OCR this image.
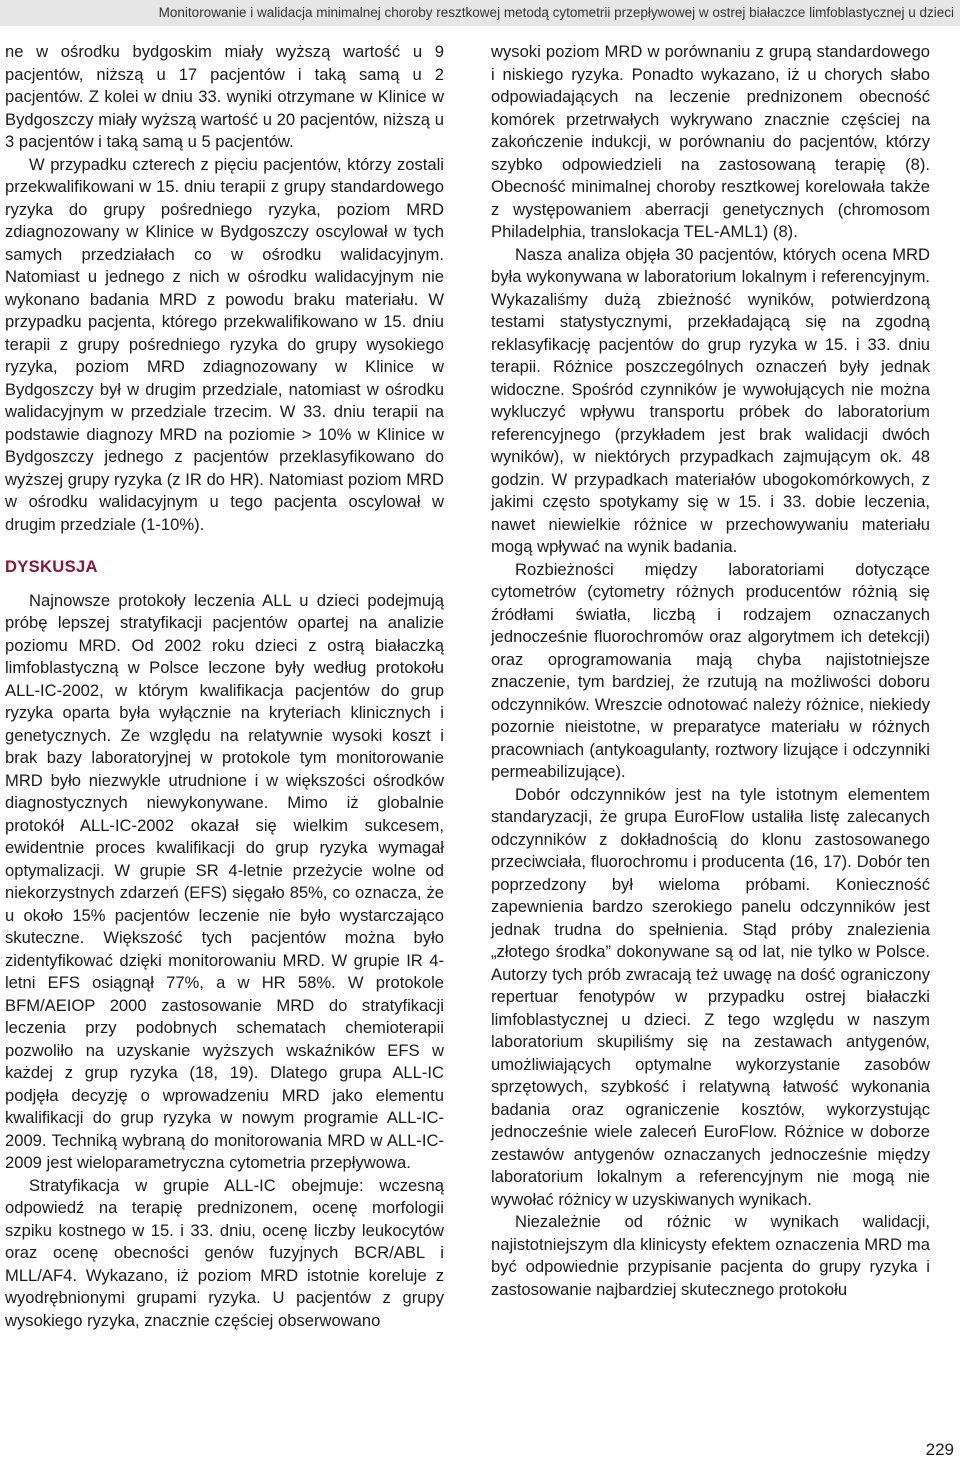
Monitorowanie i walidacja minimalnej choroby resztkowej metodą cytometrii przepływowej w ostrej białaczce limfoblastycznej u dzieci

ne w ośrodku bydgoskim miały wyższą wartość u 9 pacjentów, niższą u 17 pacjentów i taką samą u 2 pacjentów. Z kolei w dniu 33. wyniki otrzymane w Klinice w Bydgoszczy miały wyższą wartość u 20 pacjentów, niższą u 3 pacjentów i taką samą u 5 pacjentów.

W przypadku czterech z pięciu pacjentów, którzy zostali przekwalifikowani w 15. dniu terapii z grupy standardowego ryzyka do grupy pośredniego ryzyka, poziom MRD zdiagnozowany w Klinice w Bydgoszczy oscylował w tych samych przedziałach co w ośrodku walidacyjnym. Natomiast u jednego z nich w ośrodku walidacyjnym nie wykonano badania MRD z powodu braku materiału. W przypadku pacjenta, którego przekwalifikowano w 15. dniu terapii z grupy pośredniego ryzyka do grupy wysokiego ryzyka, poziom MRD zdiagnozowany w Klinice w Bydgoszczy był w drugim przedziale, natomiast w ośrodku walidacyjnym w przedziale trzecim. W 33. dniu terapii na podstawie diagnozy MRD na poziomie > 10% w Klinice w Bydgoszczy jednego z pacjentów przeklasyfikowano do wyższej grupy ryzyka (z IR do HR). Natomiast poziom MRD w ośrodku walidacyjnym u tego pacjenta oscylował w drugim przedziale (1-10%).

DYSKUSJA

Najnowsze protokoły leczenia ALL u dzieci podejmują próbę lepszej stratyfikacji pacjentów opartej na analizie poziomu MRD. Od 2002 roku dzieci z ostrą białaczką limfoblastyczną w Polsce leczone były według protokołu ALL-IC-2002, w którym kwalifikacja pacjentów do grup ryzyka oparta była wyłącznie na kryteriach klinicznych i genetycznych. Ze względu na relatywnie wysoki koszt i brak bazy laboratoryjnej w protokole tym monitorowanie MRD było niezwykle utrudnione i w większości ośrodków diagnostycznych niewykonywane. Mimo iż globalnie protokół ALL-IC-2002 okazał się wielkim sukcesem, ewidentnie proces kwalifikacji do grup ryzyka wymagał optymalizacji. W grupie SR 4-letnie przeżycie wolne od niekorzystnych zdarzeń (EFS) sięgało 85%, co oznacza, że u około 15% pacjentów leczenie nie było wystarczająco skuteczne. Większość tych pacjentów można było zidentyfikować dzięki monitorowaniu MRD. W grupie IR 4-letni EFS osiągnął 77%, a w HR 58%. W protokole BFM/AEIOP 2000 zastosowanie MRD do stratyfikacji leczenia przy podobnych schematach chemioterapii pozwoliło na uzyskanie wyższych wskaźników EFS w każdej z grup ryzyka (18, 19). Dlatego grupa ALL-IC podjęła decyzję o wprowadzeniu MRD jako elementu kwalifikacji do grup ryzyka w nowym programie ALL-IC-2009. Techniką wybraną do monitorowania MRD w ALL-IC-2009 jest wieloparametryczna cytometria przepływowa.

Stratyfikacja w grupie ALL-IC obejmuje: wczesną odpowiedź na terapię prednizonem, ocenę morfologii szpiku kostnego w 15. i 33. dniu, ocenę liczby leukocytów oraz ocenę obecności genów fuzyjnych BCR/ABL i MLL/AF4. Wykazano, iż poziom MRD istotnie koreluje z wyodrębnionymi grupami ryzyka. U pacjentów z grupy wysokiego ryzyka, znacznie częściej obserwowano

wysoki poziom MRD w porównaniu z grupą standardowego i niskiego ryzyka. Ponadto wykazano, iż u chorych słabo odpowiadających na leczenie prednizonem obecność komórek przetrwałych wykrywano znacznie częściej na zakończenie indukcji, w porównaniu do pacjentów, którzy szybko odpowiedzieli na zastosowaną terapię (8). Obecność minimalnej choroby resztkowej korelowała także z występowaniem aberracji genetycznych (chromosom Philadelphia, translokacja TEL-AML1) (8).

Nasza analiza objęła 30 pacjentów, których ocena MRD była wykonywana w laboratorium lokalnym i referencyjnym. Wykazaliśmy dużą zbieżność wyników, potwierdzoną testami statystycznymi, przekładającą się na zgodną reklasyfikację pacjentów do grup ryzyka w 15. i 33. dniu terapii. Różnice poszczególnych oznaczeń były jednak widoczne. Spośród czynników je wywołujących nie można wykluczyć wpływu transportu próbek do laboratorium referencyjnego (przykładem jest brak walidacji dwóch wyników), w niektórych przypadkach zajmującym ok. 48 godzin. W przypadkach materiałów ubogokomórkowych, z jakimi często spotykamy się w 15. i 33. dobie leczenia, nawet niewielkie różnice w przechowywaniu materiału mogą wpływać na wynik badania.

Rozbieżności między laboratoriami dotyczące cytometrów (cytometry różnych producentów różnią się źródłami światła, liczbą i rodzajem oznaczanych jednocześnie fluorochromów oraz algorytmem ich detekcji) oraz oprogramowania mają chyba najistotniejsze znaczenie, tym bardziej, że rzutują na możliwości doboru odczynników. Wreszcie odnotować należy różnice, niekiedy pozornie nieistotne, w preparatyce materiału w różnych pracowniach (antykoagulanty, roztwory lizujące i odczynniki permeabilizujące).

Dobór odczynników jest na tyle istotnym elementem standaryzacji, że grupa EuroFlow ustaliła listę zalecanych odczynników z dokładnością do klonu zastosowanego przeciwciała, fluorochromu i producenta (16, 17). Dobór ten poprzedzony był wieloma próbami. Konieczność zapewnienia bardzo szerokiego panelu odczynników jest jednak trudna do spełnienia. Stąd próby znalezienia „złotego środka” dokonywane są od lat, nie tylko w Polsce. Autorzy tych prób zwracają też uwagę na dość ograniczony repertuar fenotypów w przypadku ostrej białaczki limfoblastycznej u dzieci. Z tego względu w naszym laboratorium skupiliśmy się na zestawach antygenów, umożliwiających optymalne wykorzystanie zasobów sprzętowych, szybkość i relatywną łatwość wykonania badania oraz ograniczenie kosztów, wykorzystując jednocześnie wiele zaleceń EuroFlow. Różnice w doborze zestawów antygenów oznaczanych jednocześnie między laboratorium lokalnym a referencyjnym nie mogą nie wywołać różnicy w uzyskiwanych wynikach.

Niezależnie od różnic w wynikach walidacji, najistotniejszym dla klinicysty efektem oznaczenia MRD ma być odpowiednie przypisanie pacjenta do grupy ryzyka i zastosowanie najbardziej skutecznego protokołu

229
